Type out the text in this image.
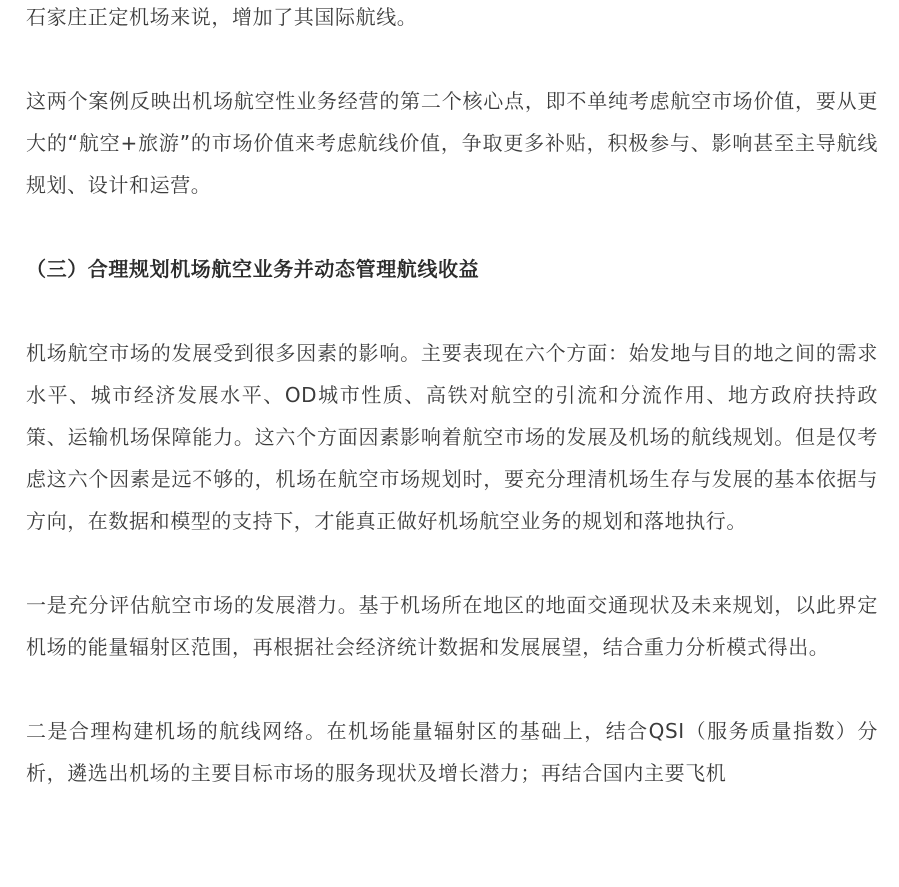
石家庄正定机场来说，增加了其国际航线。

这两个案例反映出机场航空性业务经营的第二个核心点，即不单纯考虑航空市场价值，要从更大的“航空+旅游”的市场价值来考虑航线价值，争取更多补贴，积极参与、影响甚至主导航线规划、设计和运营。

（三）合理规划机场航空业务并动态管理航线收益

机场航空市场的发展受到很多因素的影响。主要表现在六个方面：始发地与目的地之间的需求水平、城市经济发展水平、OD城市性质、高铁对航空的引流和分流作用、地方政府扶持政策、运输机场保障能力。这六个方面因素影响着航空市场的发展及机场的航线规划。但是仅考虑这六个因素是远不够的，机场在航空市场规划时，要充分理清机场生存与发展的基本依据与方向，在数据和模型的支持下，才能真正做好机场航空业务的规划和落地执行。

一是充分评估航空市场的发展潜力。基于机场所在地区的地面交通现状及未来规划，以此界定机场的能量辐射区范围，再根据社会经济统计数据和发展展望，结合重力分析模式得出。

二是合理构建机场的航线网络。在机场能量辐射区的基础上，结合QSI（服务质量指数）分析，遴选出机场的主要目标市场的服务现状及增长潜力；再结合国内主要飞机
